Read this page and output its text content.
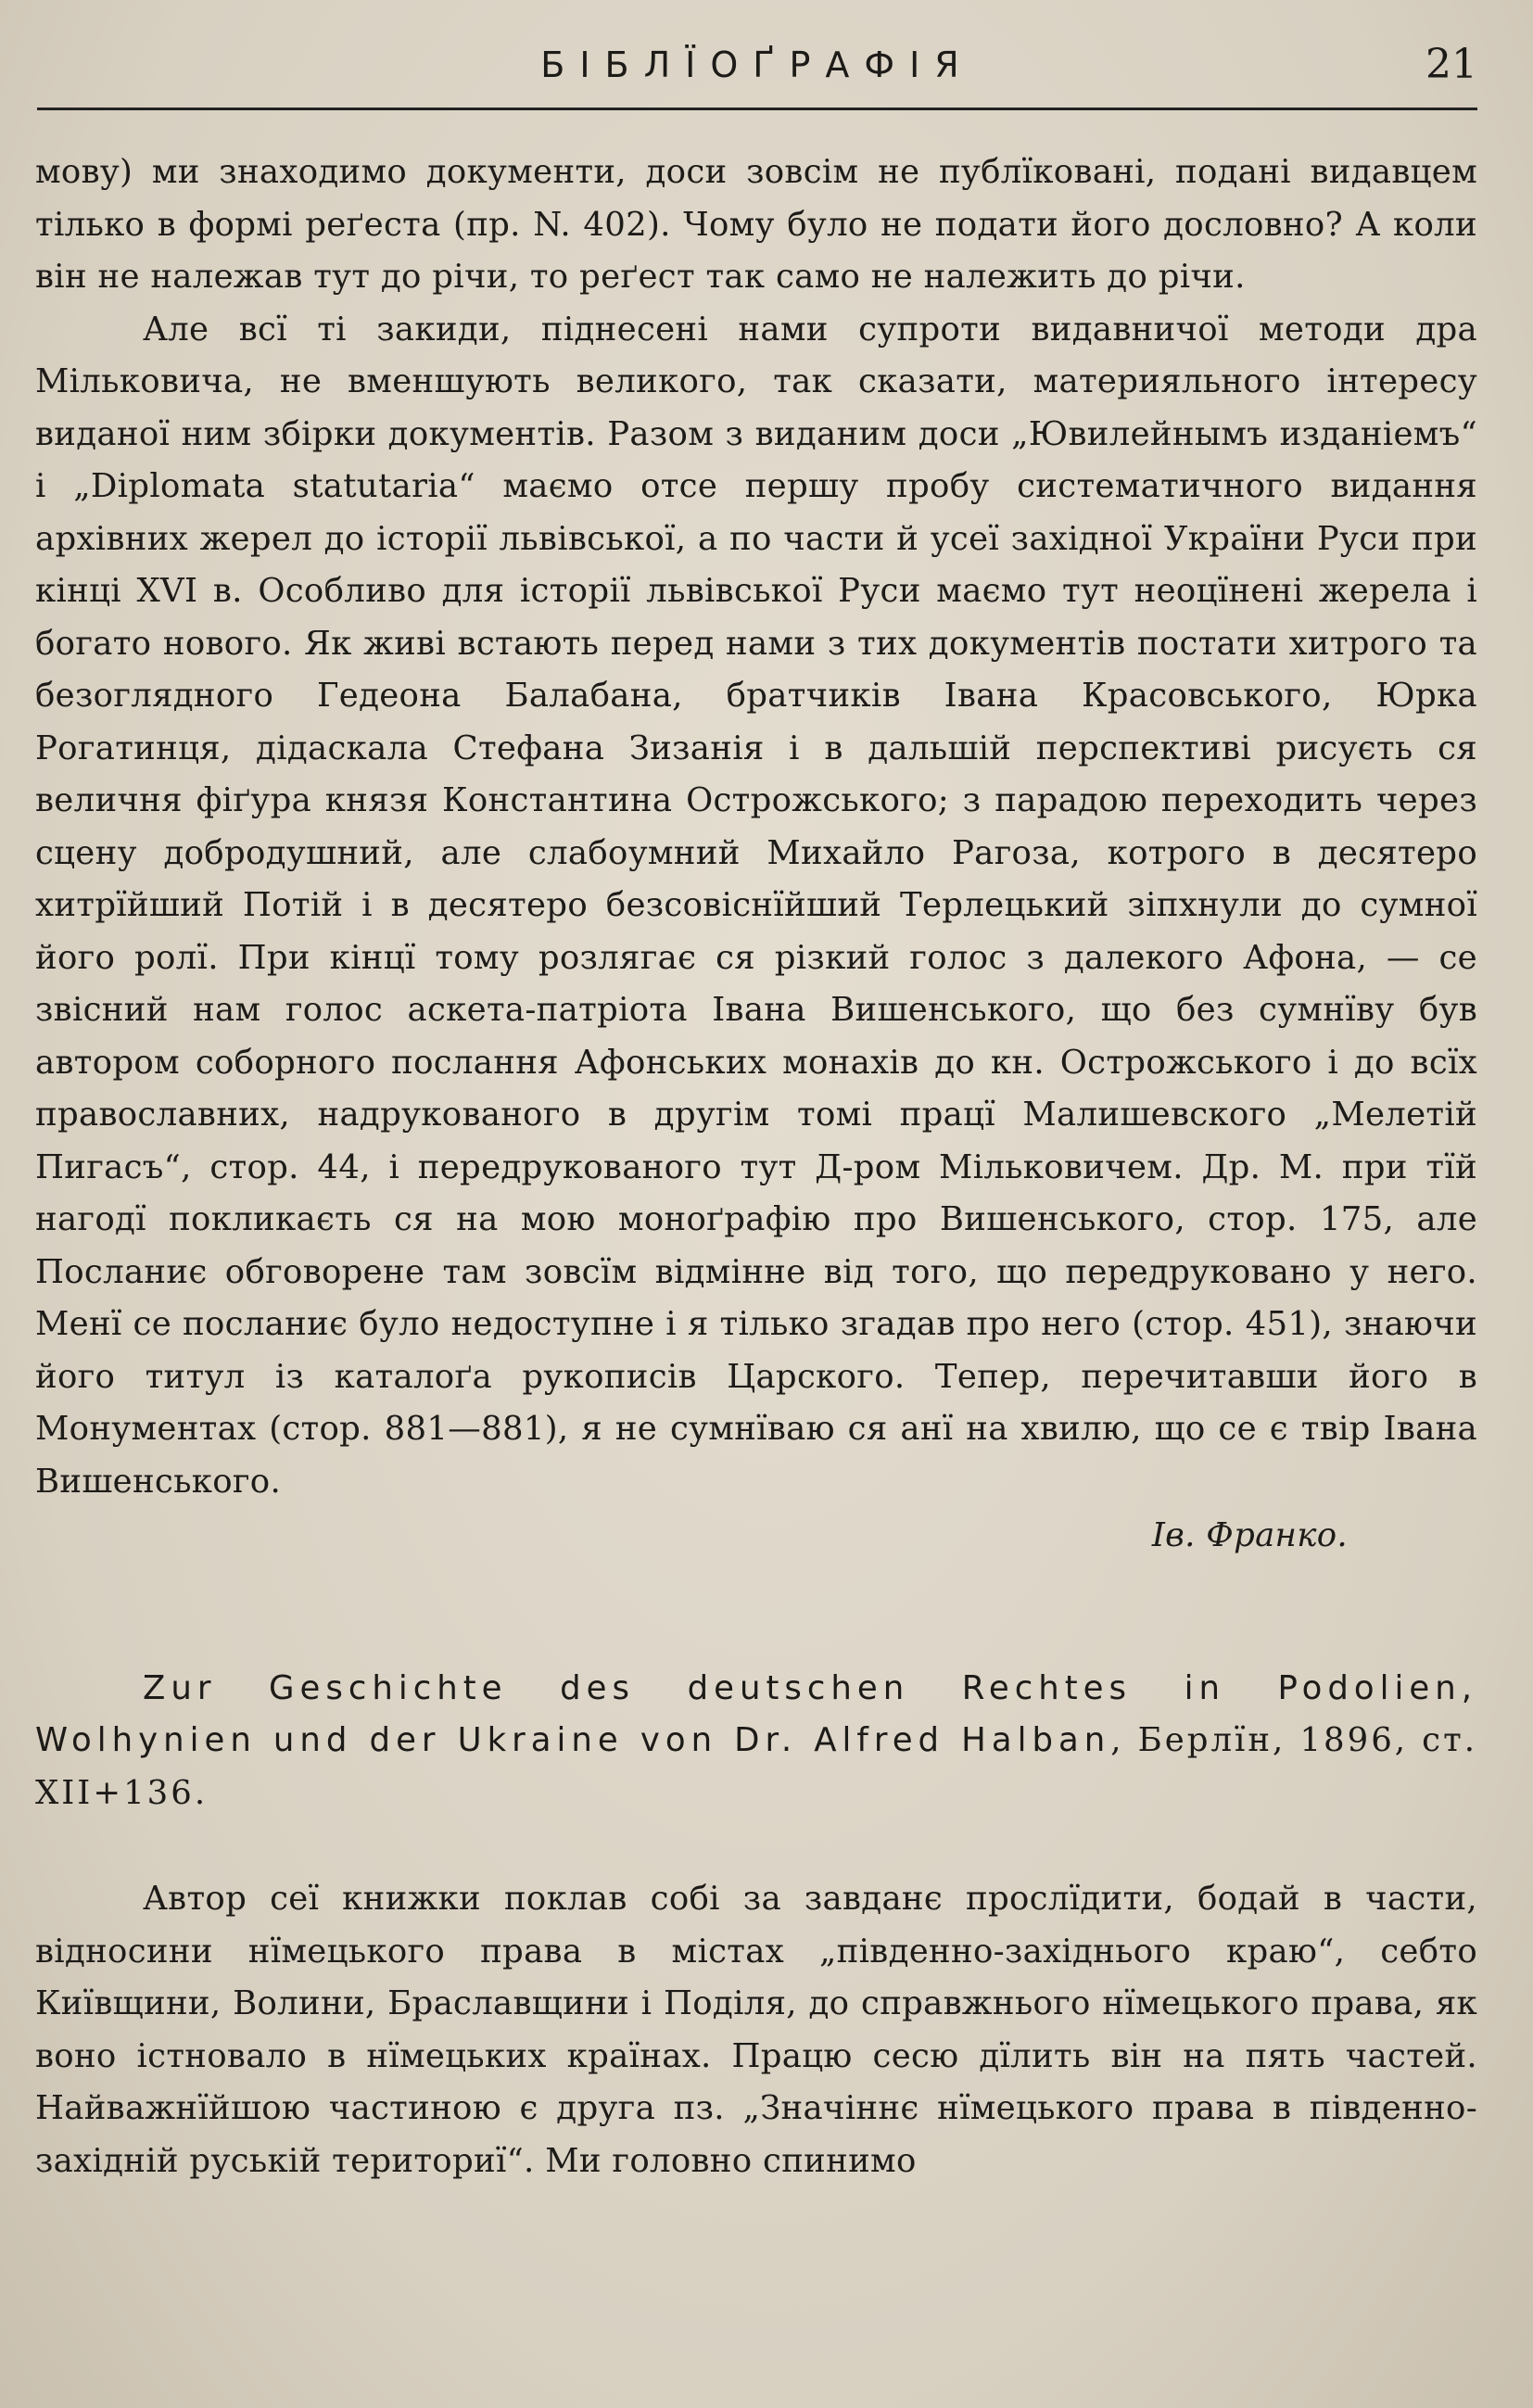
БІБЛЇОҐРАФІЯ	21

мову) ми знаходимо документи, доси зовсім не публїковані, подані видавцем тілько в формі реґеста (пр. N. 402). Чому було не подати його дословно? А коли він не належав тут до річи, то реґест так само не належить до річи.

Але всї ті закиди, піднесені нами супроти видавничої методи дра Мільковича, не вменшують великого, так сказати, материяльного інтересу виданої ним збірки документів. Разом з виданим доси „Ювилейнымъ изданіемъ“ і „Diplomata statutaria“ маємо отсе першу пробу систематичного видання архівних жерел до історії львівської, а по части й усеї західної України Руси при кінці XVI в. Особливо для історії львівської Руси маємо тут неоцїнені жерела і богато нового. Як живі встають перед нами з тих документів постати хитрого та безоглядного Гедеона Балабана, братчиків Івана Красовського, Юрка Рогатинця, дідаскала Стефана Зизанія і в дальшій перспективі рисуєть ся величня фіґура князя Константина Острожського; з парадою переходить через сцену добродушний, але слабоумний Михайло Рагоза, котрого в десятеро хитрїйший Потій і в десятеро безсовіснїйший Терлецький зіпхнули до сумної його ролї. При кінцї тому розлягає ся різкий голос з далекого Афона, — се звісний нам голос аскета-патріота Івана Вишенського, що без сумнїву був автором соборного послання Афонських монахів до кн. Острожського і до всїх православних, надрукованого в другім томі працї Малишевского „Мелетій Пигасъ“, стор. 44, і передрукованого тут Д-ром Мільковичем. Др. М. при тїй нагодї покликаєть ся на мою моноґрафію про Вишенського, стор. 175, але Посланиє обговорене там зовсїм відмінне від того, що передруковано у него. Менї се посланиє було недоступне і я тілько згадав про него (стор. 451), знаючи його титул із каталоґа рукописів Царского. Тепер, перечитавши його в Монументах (стор. 881—881), я не сумнїваю ся анї на хвилю, що се є твір Івана Вишенського.

Ів. Франко.

Zur Geschichte des deutschen Rechtes in Podolien, Wolhynien und der Ukraine von Dr. Alfred Halban, Берлїн, 1896, ст. XII+136.

Автор сеї книжки поклав собі за завданє прослїдити, бодай в части, відносини нїмецького права в містах „південно-західнього краю“, себто Київщини, Волини, Браславщини і Поділя, до справжнього нїмецького права, як воно істновало в нїмецьких краïнах. Працю сесю дїлить він на пять частей. Найважнїйшою частиною є друга пз. „Значіннє нїмецького права в південно-західній руській териториї“. Ми головно спинимо
